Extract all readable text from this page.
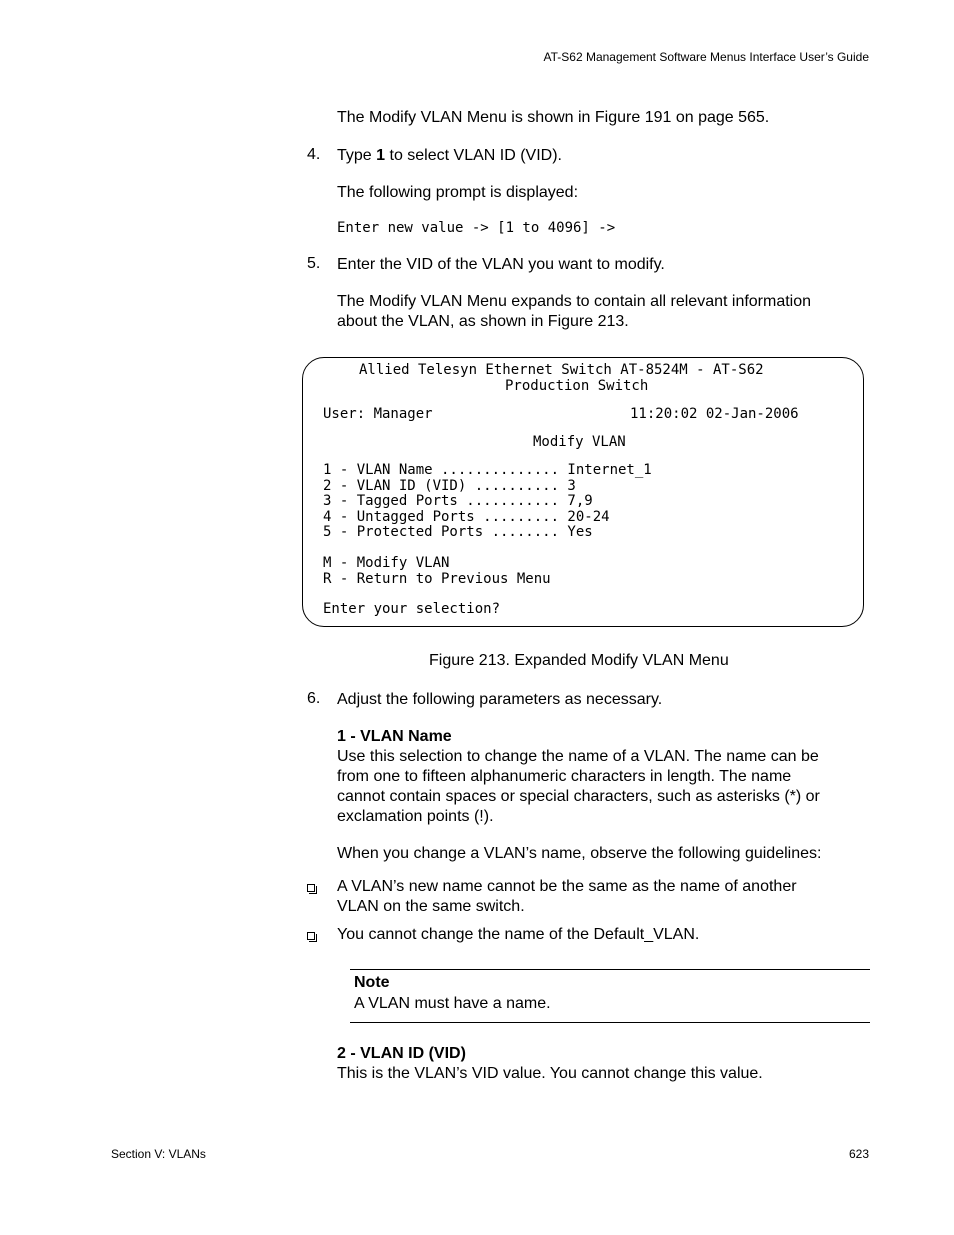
AT-S62 Management Software Menus Interface User’s Guide
The Modify VLAN Menu is shown in Figure 191 on page 565.
4. Type 1 to select VLAN ID (VID).
The following prompt is displayed:
Enter new value -> [1 to 4096] ->
5. Enter the VID of the VLAN you want to modify.
The Modify VLAN Menu expands to contain all relevant information
about the VLAN, as shown in Figure 213.
Allied Telesyn Ethernet Switch AT-8524M - AT-S62
Production Switch
User: Manager	11:20:02 02-Jan-2006
Modify VLAN
1 - VLAN Name .............. Internet_1
2 - VLAN ID (VID) .......... 3
3 - Tagged Ports ........... 7,9
4 - Untagged Ports ......... 20-24
5 - Protected Ports ........ Yes
M - Modify VLAN
R - Return to Previous Menu
Enter your selection?
Figure 213. Expanded Modify VLAN Menu
6. Adjust the following parameters as necessary.
1 - VLAN Name
Use this selection to change the name of a VLAN. The name can be
from one to fifteen alphanumeric characters in length. The name
cannot contain spaces or special characters, such as asterisks (*) or
exclamation points (!).
When you change a VLAN’s name, observe the following guidelines:
A VLAN’s new name cannot be the same as the name of another
VLAN on the same switch.
You cannot change the name of the Default_VLAN.
Note
A VLAN must have a name.
2 - VLAN ID (VID)
This is the VLAN’s VID value. You cannot change this value.
Section V: VLANs	623
